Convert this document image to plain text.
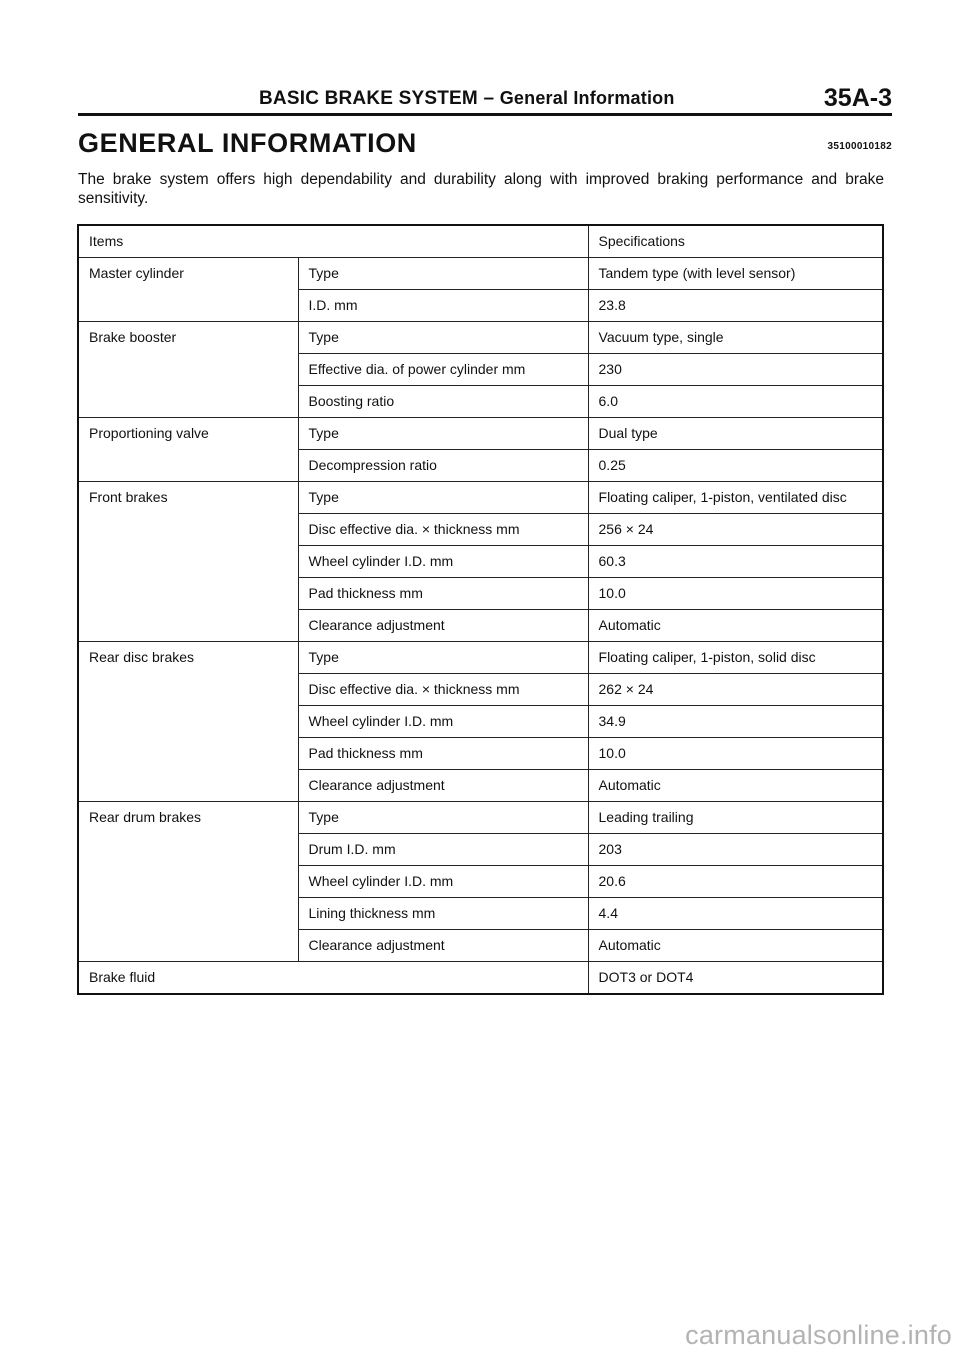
BASIC BRAKE SYSTEM – General Information	35A-3
GENERAL INFORMATION	35100010182
The brake system offers high dependability and durability along with improved braking performance and brake sensitivity.
Items		Specifications
Master cylinder	Type	Tandem type (with level sensor)
	I.D. mm	23.8
Brake booster	Type	Vacuum type, single
	Effective dia. of power cylinder mm	230
	Boosting ratio	6.0
Proportioning valve	Type	Dual type
	Decompression ratio	0.25
Front brakes	Type	Floating caliper, 1-piston, ventilated disc
	Disc effective dia. × thickness mm	256 × 24
	Wheel cylinder I.D. mm	60.3
	Pad thickness mm	10.0
	Clearance adjustment	Automatic
Rear disc brakes	Type	Floating caliper, 1-piston, solid disc
	Disc effective dia. × thickness mm	262 × 24
	Wheel cylinder I.D. mm	34.9
	Pad thickness mm	10.0
	Clearance adjustment	Automatic
Rear drum brakes	Type	Leading trailing
	Drum I.D. mm	203
	Wheel cylinder I.D. mm	20.6
	Lining thickness mm	4.4
	Clearance adjustment	Automatic
Brake fluid		DOT3 or DOT4
carmanualsonline.info
